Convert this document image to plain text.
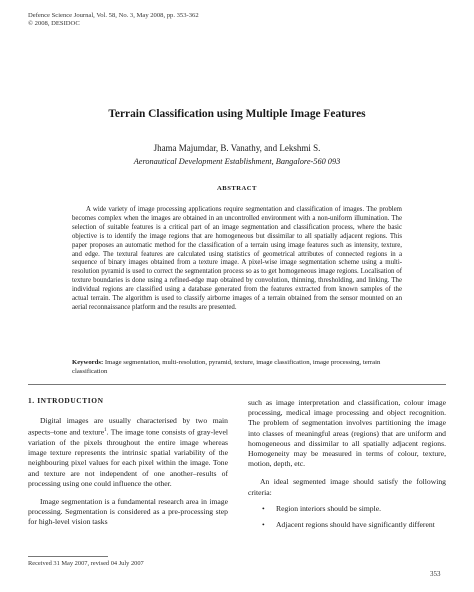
Defence Science Journal, Vol. 58, No. 3, May 2008, pp. 353-362
© 2008, DESIDOC
Terrain Classification using Multiple Image Features
Jhama Majumdar, B. Vanathy, and Lekshmi S.
Aeronautical Development Establishment, Bangalore-560 093
ABSTRACT
A wide variety of image processing applications require segmentation and classification of images. The problem becomes complex when the images are obtained in an uncontrolled environment with a non-uniform illumination. The selection of suitable features is a critical part of an image segmentation and classification process, where the basic objective is to identify the image regions that are homogeneous but dissimilar to all spatially adjacent regions. This paper proposes an automatic method for the classification of a terrain using image features such as intensity, texture, and edge. The textural features are calculated using statistics of geometrical attributes of connected regions in a sequence of binary images obtained from a texture image. A pixel-wise image segmentation scheme using a multi-resolution pyramid is used to correct the segmentation process so as to get homogeneous image regions. Localisation of texture boundaries is done using a refined-edge map obtained by convolution, thinning, thresholding, and linking. The individual regions are classified using a database generated from the features extracted from known samples of the actual terrain. The algorithm is used to classify airborne images of a terrain obtained from the sensor mounted on an aerial reconnaissance platform and the results are presented.
Keywords: Image segmentation, multi-resolution, pyramid, texture, image classification, image processing, terrain classification
1. INTRODUCTION

Digital images are usually characterised by two main aspects–tone and texture$^1$. The image tone consists of gray-level variation of the pixels throughout the entire image whereas image texture represents the intrinsic spatial variability of the neighbouring pixel values for each pixel within the image. Tone and texture are not independent of one another–results of processing using one could influence the other.

Image segmentation is a fundamental research area in image processing. Segmentation is considered as a pre-processing step for high-level vision tasks

such as image interpretation and classification, colour image processing, medical image processing and object recognition. The problem of segmentation involves partitioning the image into classes of meaningful areas (regions) that are uniform and homogeneous and dissimilar to all spatially adjacent regions. Homogeneity may be measured in terms of colour, texture, motion, depth, etc.

An ideal segmented image should satisfy the following criteria:

•	Region interiors should be simple.
•	Adjacent regions should have significantly different
Received 31 May 2007, revised 04 July 2007
353
